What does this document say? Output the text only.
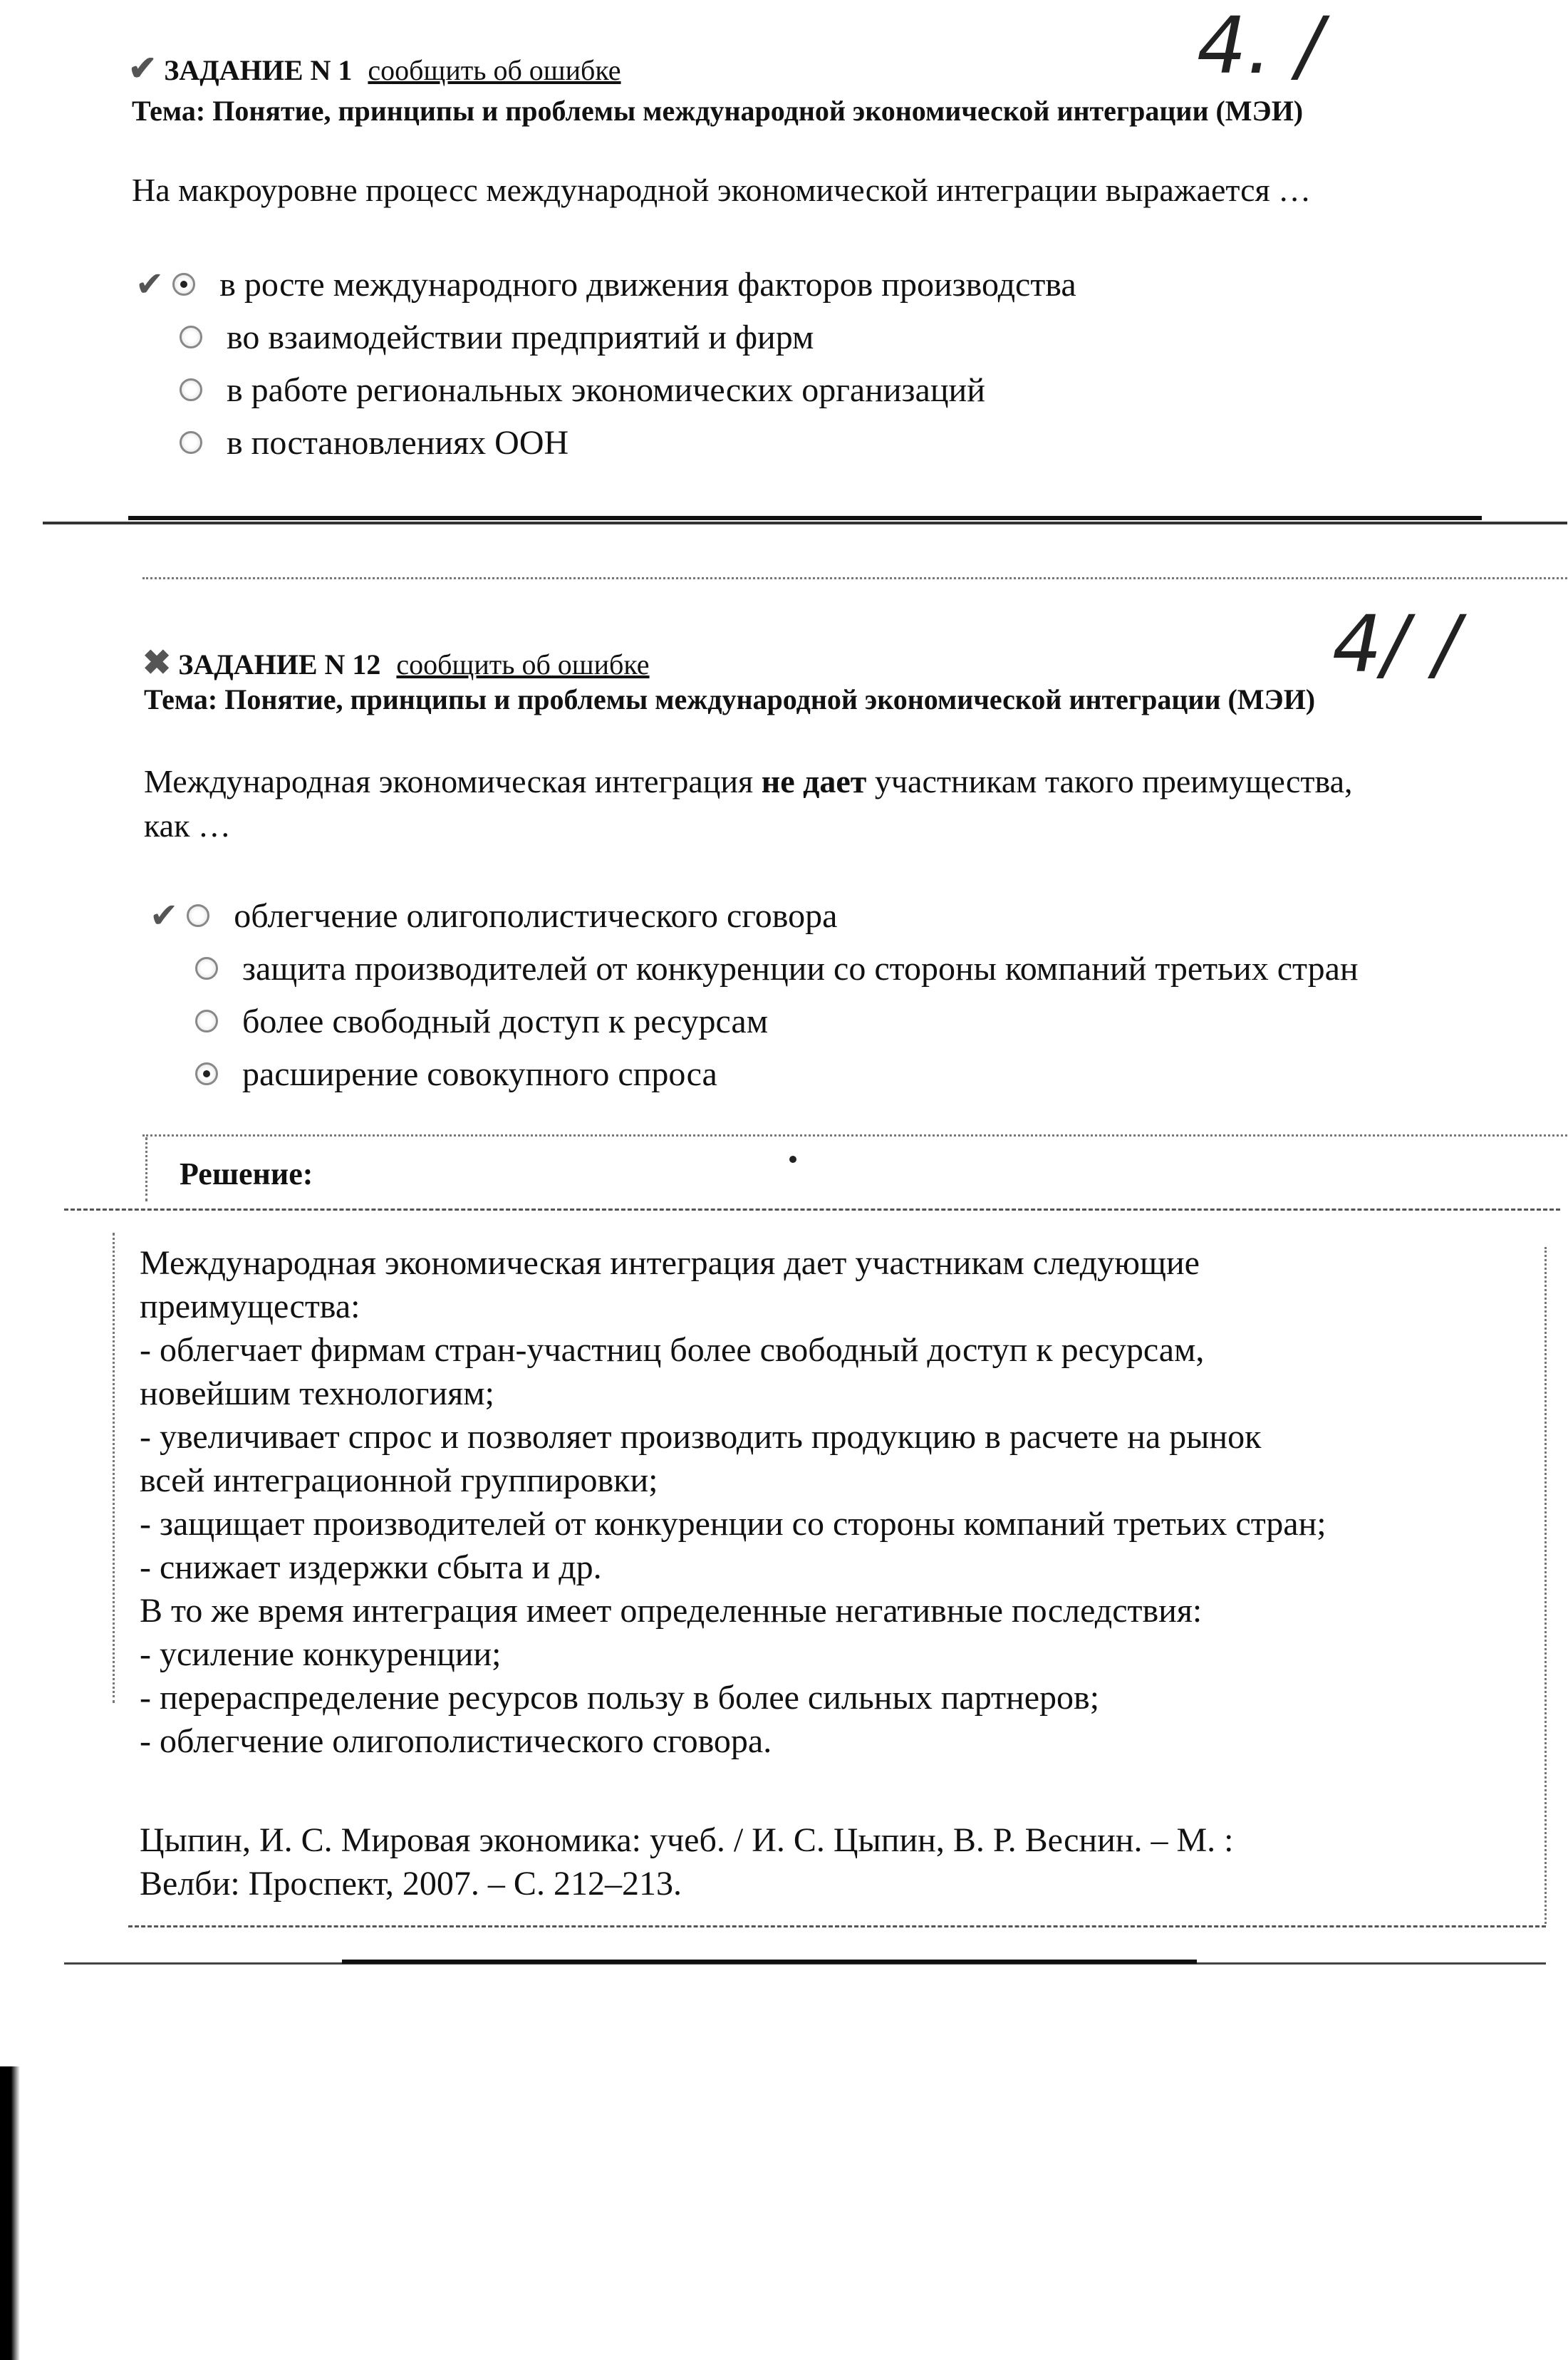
✔ ЗАДАНИЕ N 1 сообщить об ошибке	4. /
Тема: Понятие, принципы и проблемы международной экономической интеграции (МЭИ)
На макроуровне процесс международной экономической интеграции выражается …
✔ в росте международного движения факторов производства
во взаимодействии предприятий и фирм
в работе региональных экономических организаций
в постановлениях ООН
✖ ЗАДАНИЕ N 12 сообщить об ошибке	4/ /
Тема: Понятие, принципы и проблемы международной экономической интеграции (МЭИ)
Международная экономическая интеграция не дает участникам такого преимущества, как …
✔ облегчение олигополистического сговора
защита производителей от конкуренции со стороны компаний третьих стран
более свободный доступ к ресурсам
расширение совокупного спроса
Решение:
Международная экономическая интеграция дает участникам следующие
преимущества:
- облегчает фирмам стран-участниц более свободный доступ к ресурсам,
новейшим технологиям;
- увеличивает спрос и позволяет производить продукцию в расчете на рынок
всей интеграционной группировки;
- защищает производителей от конкуренции со стороны компаний третьих стран;
- снижает издержки сбыта и др.
В то же время интеграция имеет определенные негативные последствия:
- усиление конкуренции;
- перераспределение ресурсов пользу в более сильных партнеров;
- облегчение олигополистического сговора.
Цыпин, И. С. Мировая экономика: учеб. / И. С. Цыпин, В. Р. Веснин. – М. :
Велби: Проспект, 2007. – С. 212–213.
